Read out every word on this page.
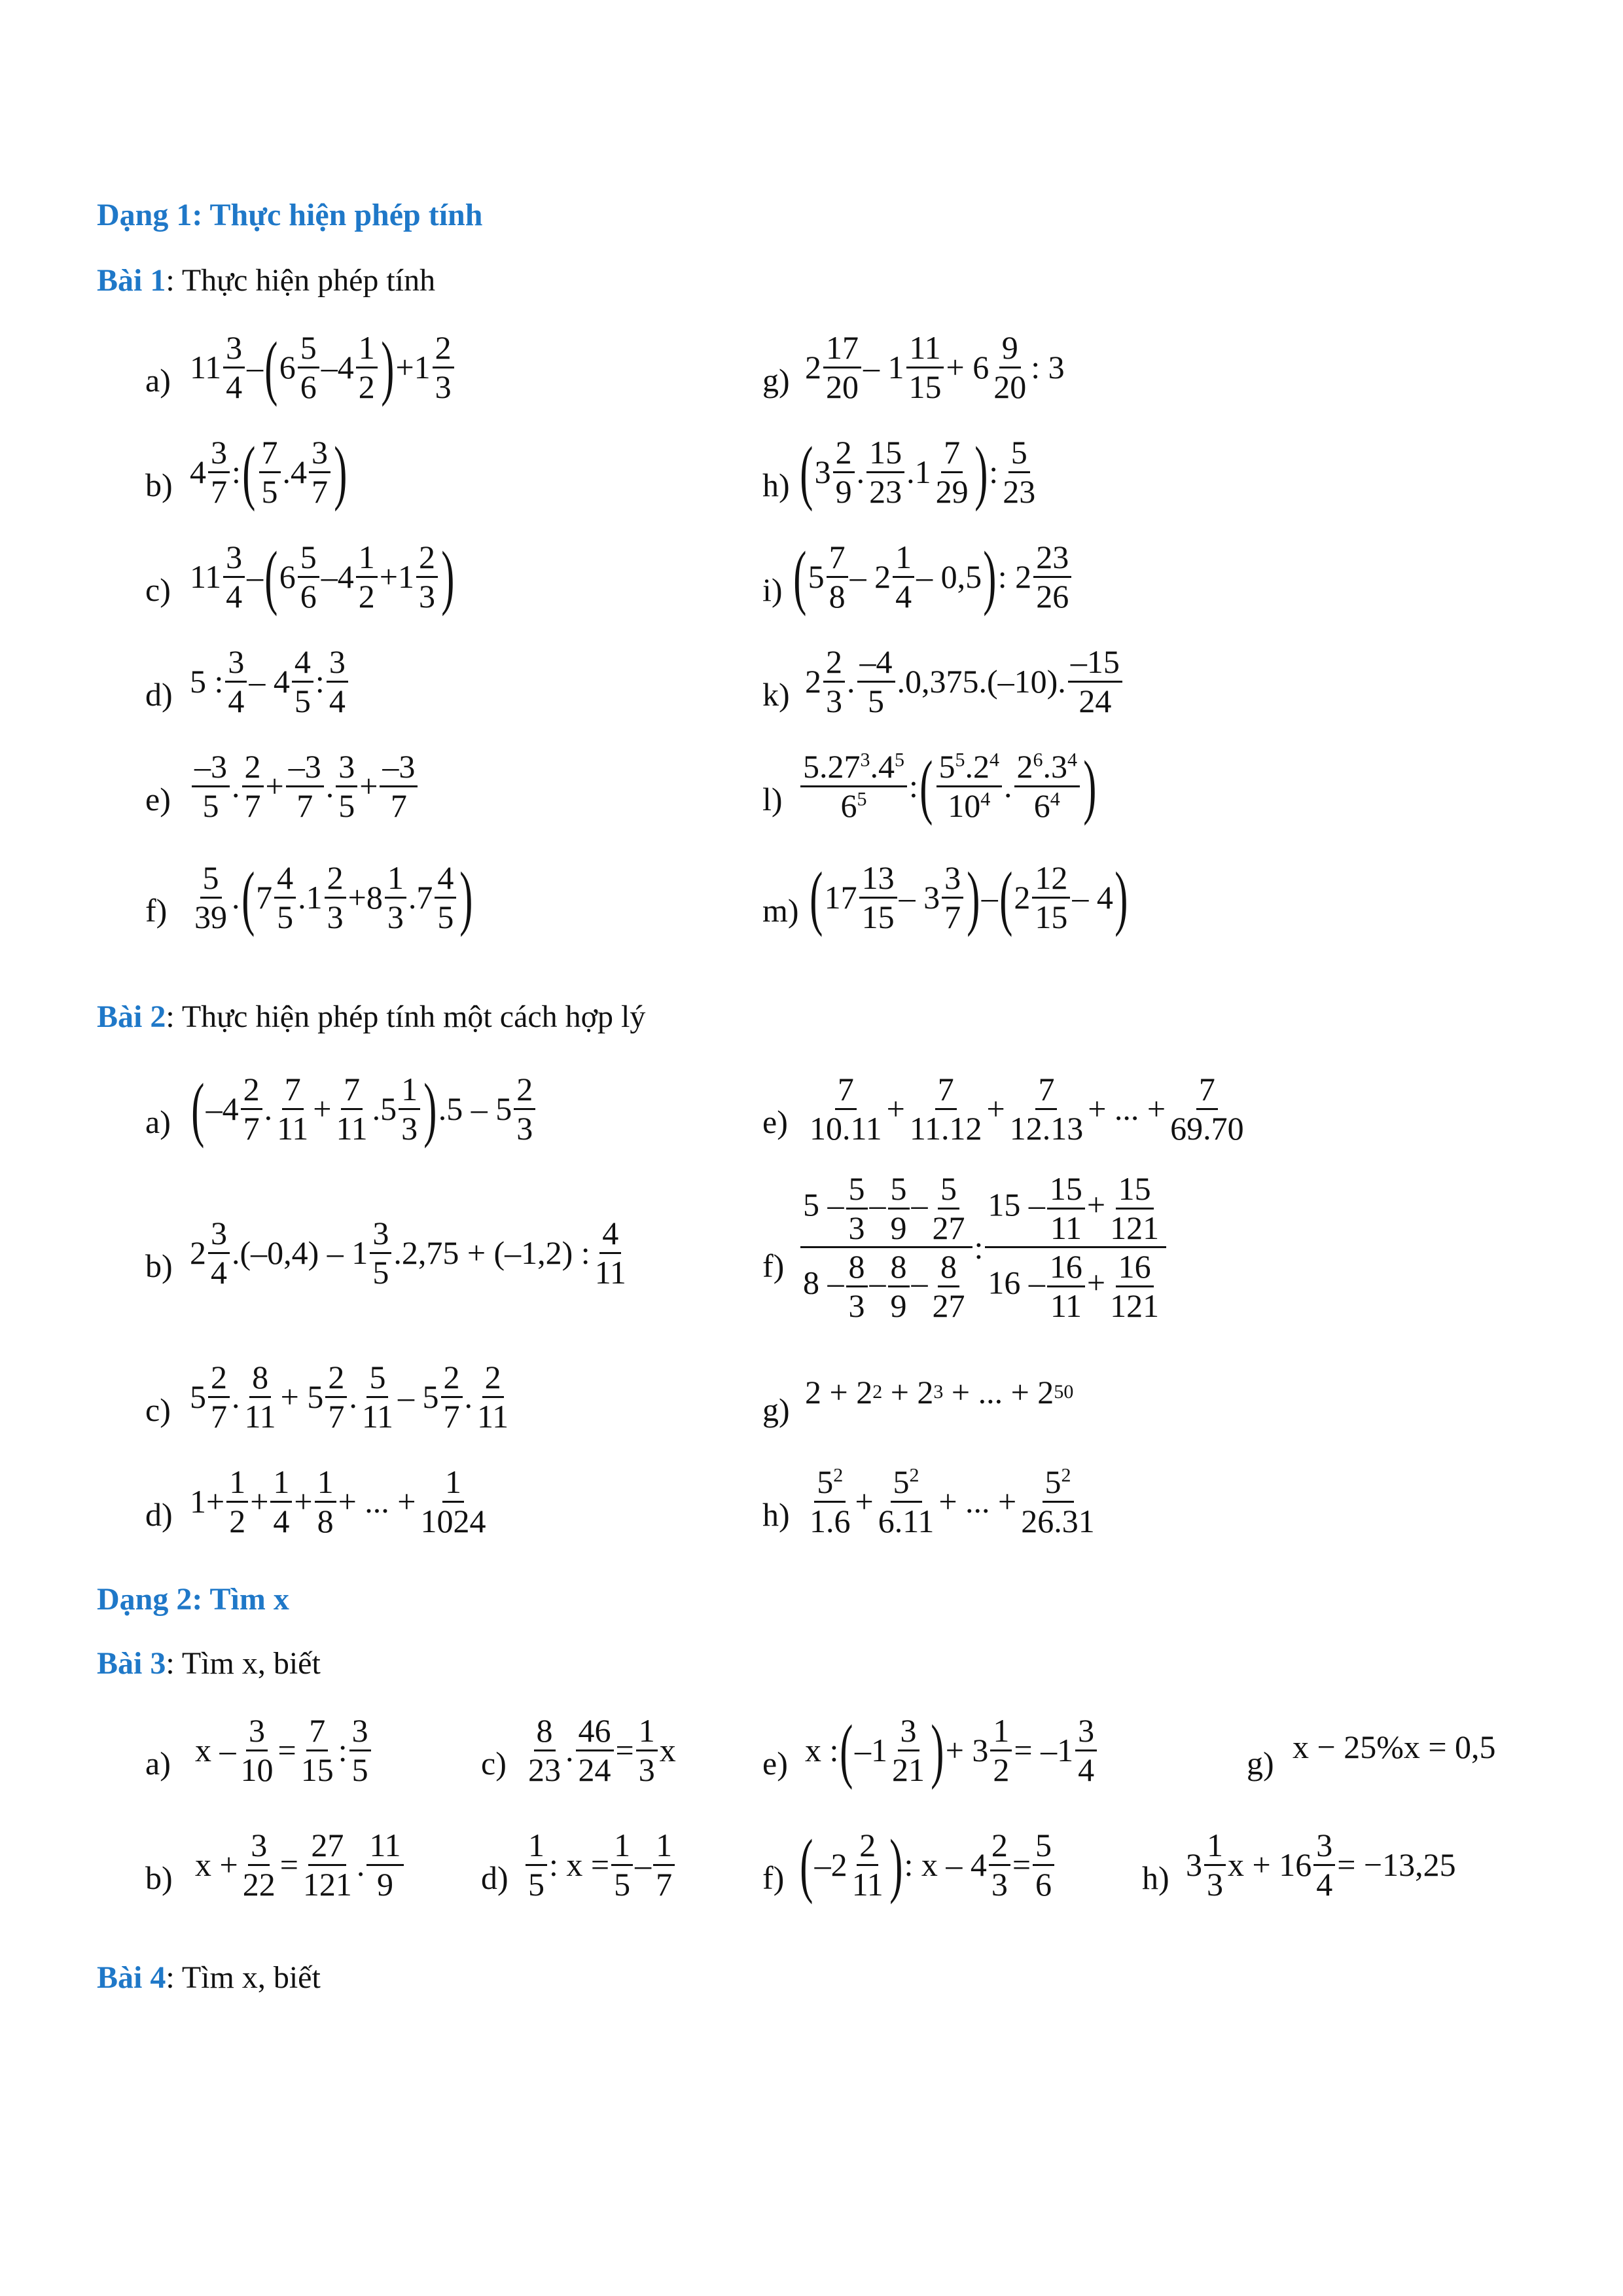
Dạng 1: Thực hiện phép tính
Bài 1: Thực hiện phép tính
a) $11 \frac{3}{4}$ – ( $6 \frac{5}{6} -4 \frac{1}{2}$ ) $+1 \frac{2}{3}$
b) $4 \frac{3}{7}$ : ( $\frac{7}{5} .4 \frac{3}{7}$ )
c) $11 \frac{3}{4}$ – ( $6 \frac{5}{6} -4 \frac{1}{2} +1 \frac{2}{3}$ )
d) 5 : $\frac{3}{4} - 4 \frac{4}{5}$ : $\frac{3}{4}$
$e) \frac{-3}{5}$ . $\frac{2}{7} + \frac{-3}{7}$ . $\frac{3}{5} + \frac{-3}{7}$
$f) \frac{5}{39}$ . ( $7 \frac{4}{5} .1 \frac{2}{3} +8 \frac{1}{3} .7 \frac{4}{5}$ )
g) $2 \frac{17}{20} - 1 \frac{11}{15} + 6 \frac{9}{20}$ : 3
h) ( $3 \frac{2}{9}$ . $\frac{15}{23} .1 \frac{7}{29}$ ) : $\frac{5}{23}$
i) ( $5 \frac{7}{8} - 2 \frac{1}{4} - 0,5$ ) : $2 \frac{23}{26}$
k) $2 \frac{2}{3}$ . $\frac{-4}{5} .0,375.(-10)$. $\frac{-15}{24}$
$l) \frac{5.27^3.4^5}{6^5}$ : ( $\frac{5^5.2^4}{10^4}$ . $\frac{2^6.3^4}{6^4}$ )
m) ( $17 \frac{13}{15} - 3 \frac{3}{7}$ ) – ( $2 \frac{12}{15} - 4$ )
Bài 2: Thực hiện phép tính một cách hợp lý
a) ( $-4 \frac{2}{7}$ . $\frac{7}{11} + \frac{7}{11} .5 \frac{1}{3}$ ) $.5 - 5 \frac{2}{3}$
b) $2 \frac{3}{4} .(-0,4) - 1 \frac{3}{5} .2,75 + (-1,2)$ : $\frac{4}{11}$
c) $5 \frac{2}{7}$ . $\frac{8}{11} + 5 \frac{2}{7}$ . $\frac{5}{11} - 5 \frac{2}{7}$ . $\frac{2}{11}$
d) $1+ \frac{1}{2} + \frac{1}{4} + \frac{1}{8}$ + ... + $\frac{1}{1024}$
$e) \frac{7}{10.11} + \frac{7}{11.12} + \frac{7}{12.13}$ + ... + $\frac{7}{69.70}$
$f) \frac{5 - \frac{5}{3} - \frac{5}{9} - \frac{5}{27}}{8 - \frac{8}{3} - \frac{8}{9} - \frac{8}{27}}$ : $\frac{15 - \frac{15}{11} + \frac{15}{121}}{16 - \frac{16}{11} + \frac{16}{121}}$
g) 2 + 2 2 + 2 3
+ ... + 2 50
$h) \frac{5^2}{1.6} + \frac{5^2}{6.11}$ + ... + $\frac{5^2}{26.31}$
Dạng 2: Tìm x
Bài 3: Tìm x, biết
a) $x - \frac{3}{10} = \frac{7}{15}$ : $\frac{3}{5}$	$c) \frac{8}{23}$ . $\frac{46}{24} = \frac{1}{3}$ x	e) x : ( $-1 \frac{3}{21}$ ) + $3 \frac{1}{2} = -1 \frac{3}{4}$	g) x − 25%x = 0,5
b) $x + \frac{3}{22} = \frac{27}{121}$ . $\frac{11}{9} d) \frac{1}{5}$ : $x = \frac{1}{5} - \frac{1}{7}$	f) ( $-2 \frac{2}{11}$ ) : $x - 4 \frac{2}{3} = \frac{5}{6}$	h) $3 \frac{1}{3}$ $x + 16 \frac{3}{4} = -13,25$
Bài 4: Tìm x, biết
